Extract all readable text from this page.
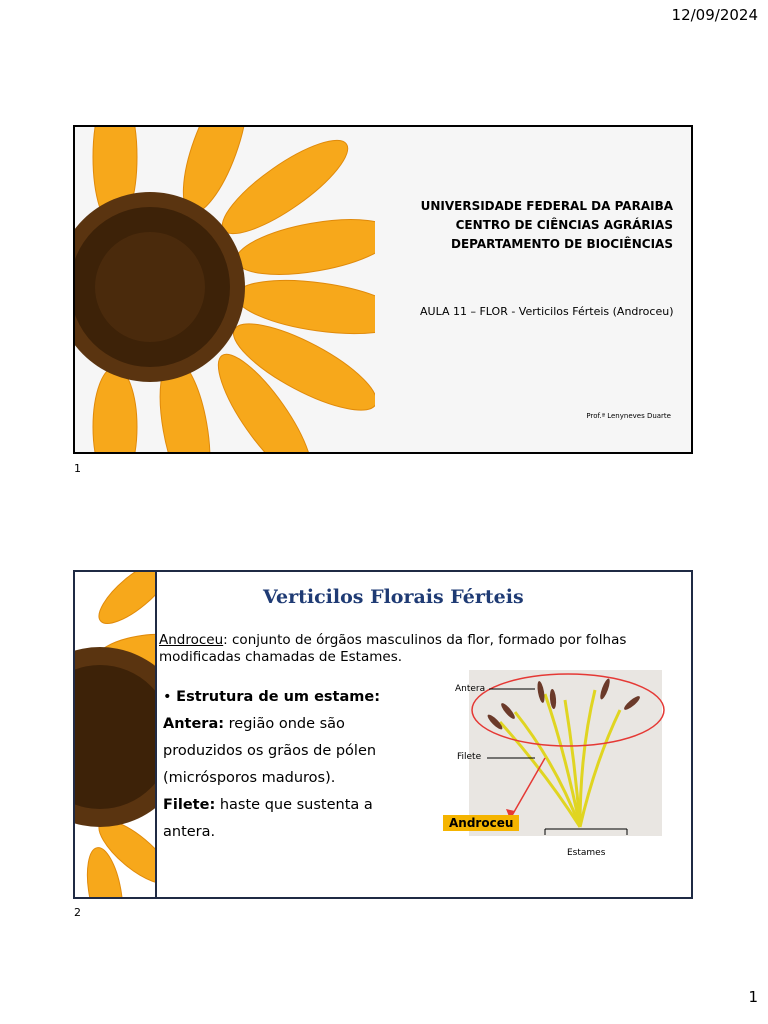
12/09/2024
UNIVERSIDADE FEDERAL DA PARAIBA
CENTRO DE CIÊNCIAS AGRÁRIAS
DEPARTAMENTO DE BIOCIÊNCIAS
AULA 11 – FLOR - Verticilos Férteis (Androceu)
Prof.ª Lenyneves Duarte
1
Verticilos Florais Férteis
Androceu: conjunto de órgãos masculinos da flor, formado por folhas modificadas chamadas de Estames.
• Estrutura de um estame:
Antera: região onde são produzidos os grãos de pólen (micrósporos maduros).
Filete: haste que sustenta a antera.
Antera
Filete
Androceu
Estames
2
1
